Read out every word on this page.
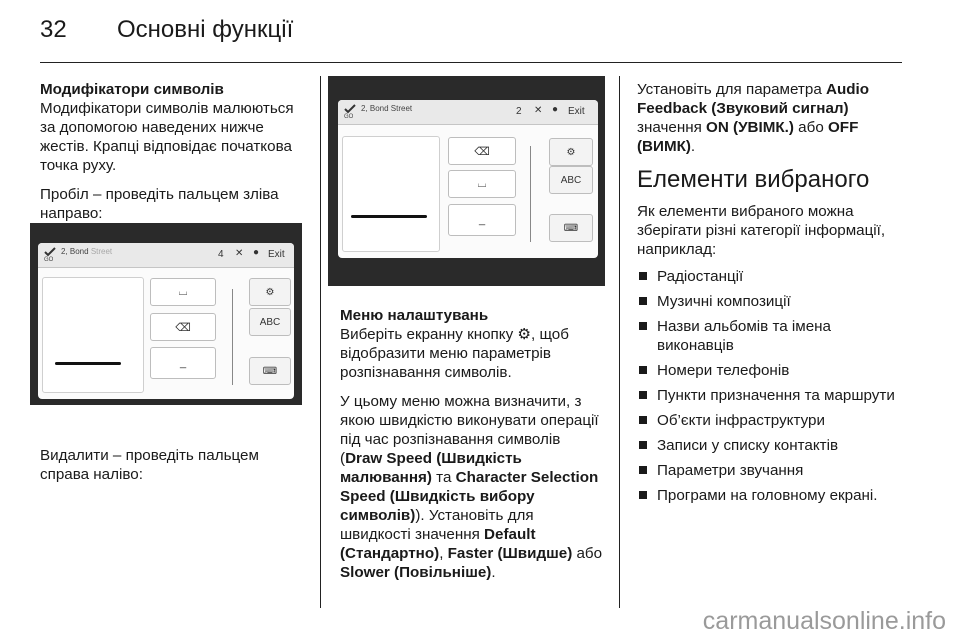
32 Основні функції
Модифікатори символів

Модифікатори символів малюються за допомогою наведених нижче жестів. Крапці відповідає початкова точка руху.

Пробіл – проведіть пальцем зліва направо:

2, Bond Street
GO	4 ✕ ● Exit
⌴
⌫
_
⚙
ABC
⌨

Видалити – проведіть пальцем справа наліво:

2, Bond Street
GO	2 ✕ ● Exit
⌫
⌴
_
⚙
ABC
⌨
Меню налаштувань

Виберіть екранну кнопку ⚙, щоб відобразити меню параметрів розпізнавання символів.

У цьому меню можна визначити, з якою швидкістю виконувати операції під час розпізнавання символів (Draw Speed (Швидкість малювання) та Character Selection Speed (Швидкість вибору символів)). Установіть для швидкості значення Default (Стандартно), Faster (Швидше) або Slower (Повільніше).

Установіть для параметра Audio Feedback (Звуковий сигнал) значення ON (УВІМК.) або OFF (ВИМК).

Елементи вибраного

Як елементи вибраного можна зберігати різні категорії інформації, наприклад:

Радіостанції
Музичні композиції
Назви альбомів та імена виконавців
Номери телефонів
Пункти призначення та маршрути
Об’єкти інфраструктури
Записи у списку контактів
Параметри звучання
Програми на головному екрані.
carmanualsonline.info
